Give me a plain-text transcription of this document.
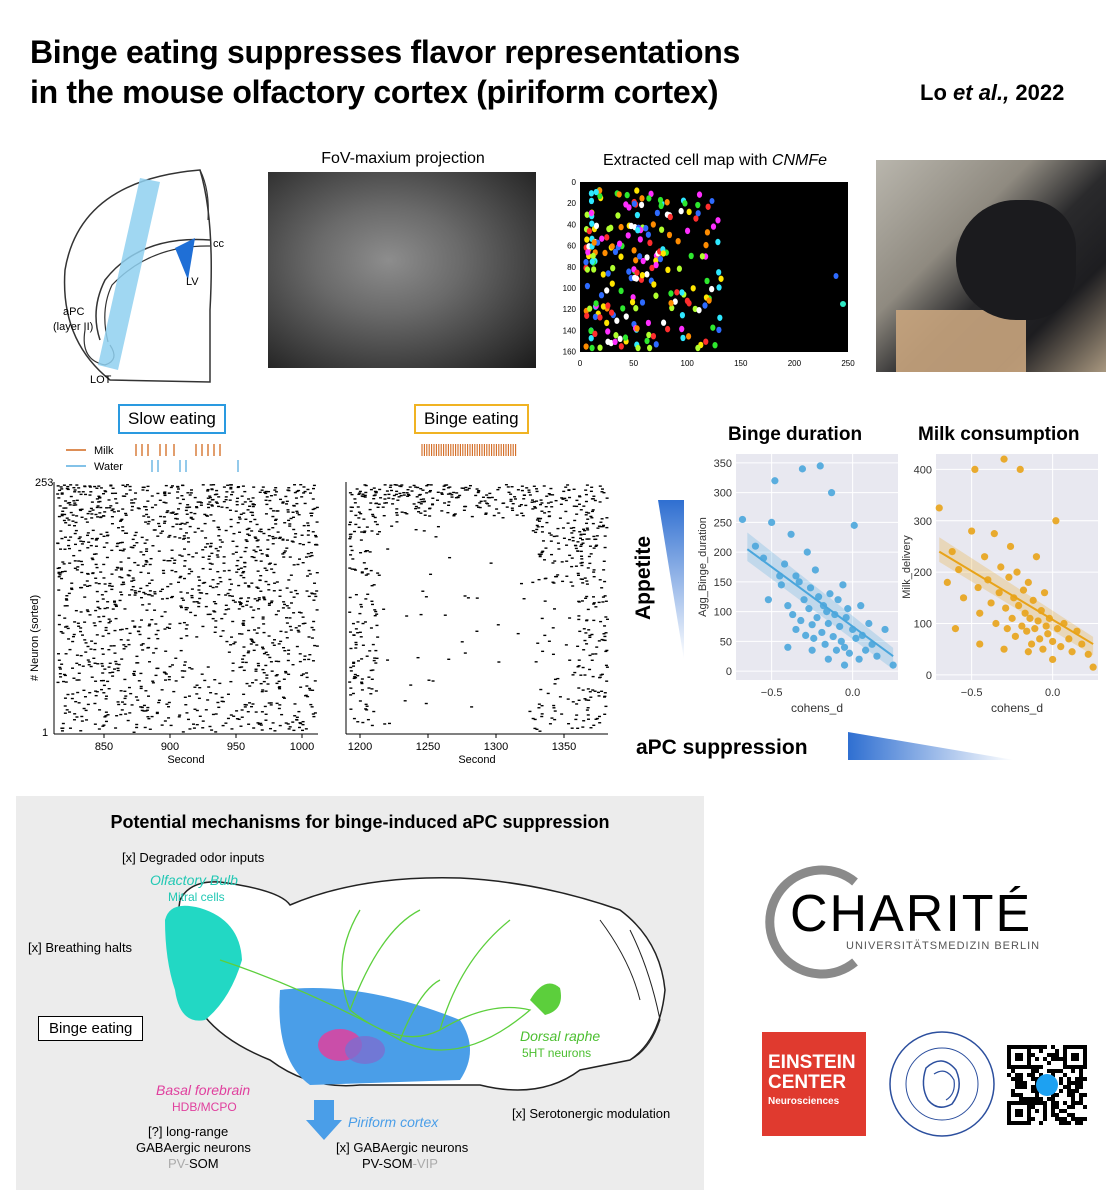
Binge eating suppresses flavor representations
in the mouse olfactory cortex (piriform cortex)	Lo et al., 2022
cc
LV
aPC
(layer II)
LOT
FoV-maxium projection	Extracted cell map with CNMFe
0
20
40
60
80
100
120
140
160
0	50	100	150	200	250
Slow eating	Binge eating
Milk
Water
253
1
# Neuron (sorted)
850	900	950	1000	1200	1250	1300	1350
Second	Second
Appetite
aPC suppression
Binge duration	Milk consumption
0
50
100
150
200
250
300
350
−0.5	0.0
cohens_d
Agg_Binge_duration
0
100
200
300
400
−0.5	0.0
cohens_d
Milk_delivery
Potential mechanisms for binge-induced aPC suppression
[x] Degraded odor inputs
[x] Breathing halts
Binge eating
Olfactory Bulb
Mitral cells
Dorsal raphe
5HT neurons
Basal forebrain
HDB/MCPO
[?] long-range
GABAergic neurons
PV-SOM
Piriform cortex
[x] GABAergic neurons
PV-SOM-VIP
[x] Serotonergic modulation
CHARITÉ
UNIVERSITÄTSMEDIZIN BERLIN
EINSTEIN
CENTER
Neurosciences
